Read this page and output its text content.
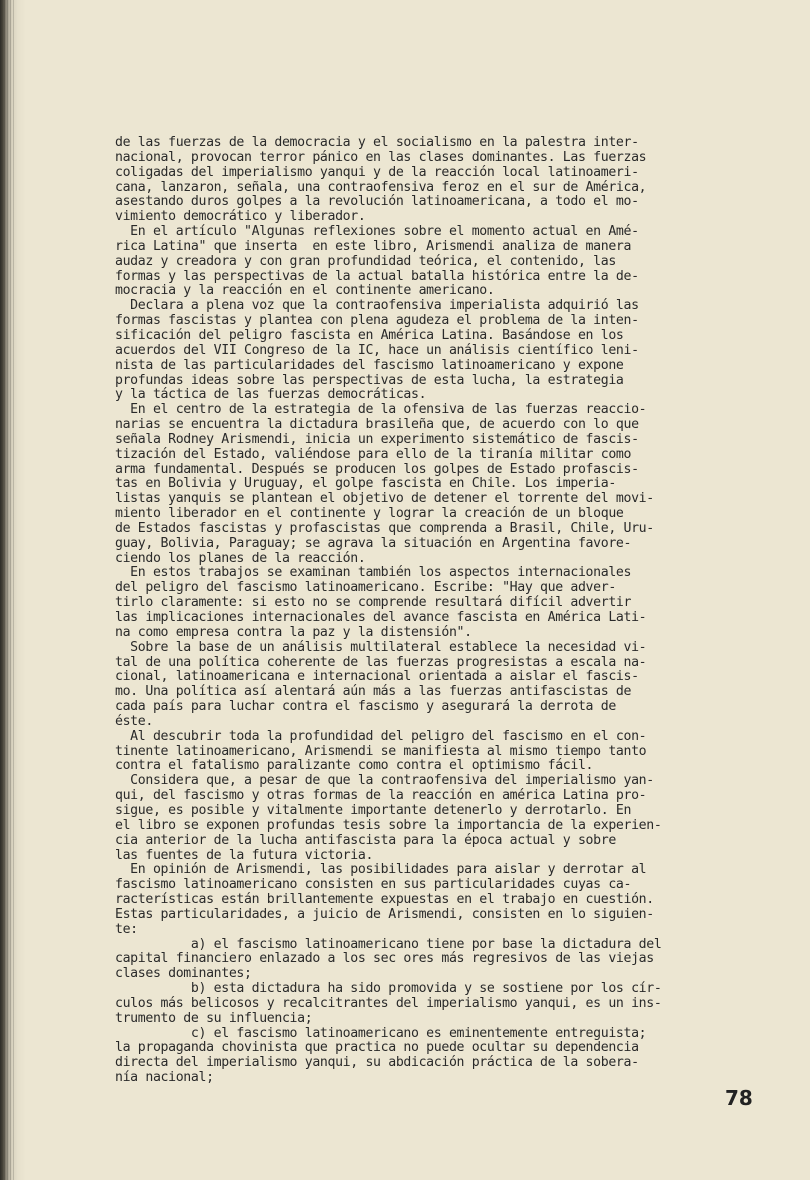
de las fuerzas de la democracia y el socialismo en la palestra inter-
nacional, provocan terror pánico en las clases dominantes. Las fuerzas
coligadas del imperialismo yanqui y de la reacción local latinoameri-
cana, lanzaron, señala, una contraofensiva feroz en el sur de América,
asestando duros golpes a la revolución latinoamericana, a todo el mo-
vimiento democrático y liberador.
En el artículo "Algunas reflexiones sobre el momento actual en Amé-
rica Latina" que inserta  en este libro, Arismendi analiza de manera
audaz y creadora y con gran profundidad teórica, el contenido, las
formas y las perspectivas de la actual batalla histórica entre la de-
mocracia y la reacción en el continente americano.
Declara a plena voz que la contraofensiva imperialista adquirió las
formas fascistas y plantea con plena agudeza el problema de la inten-
sificación del peligro fascista en América Latina. Basándose en los
acuerdos del VII Congreso de la IC, hace un análisis científico leni-
nista de las particularidades del fascismo latinoamericano y expone
profundas ideas sobre las perspectivas de esta lucha, la estrategia
y la táctica de las fuerzas democráticas.
En el centro de la estrategia de la ofensiva de las fuerzas reaccio-
narias se encuentra la dictadura brasileña que, de acuerdo con lo que
señala Rodney Arismendi, inicia un experimento sistemático de fascis-
tización del Estado, valiéndose para ello de la tiranía militar como
arma fundamental. Después se producen los golpes de Estado profascis-
tas en Bolivia y Uruguay, el golpe fascista en Chile. Los imperia-
listas yanquis se plantean el objetivo de detener el torrente del movi-
miento liberador en el continente y lograr la creación de un bloque
de Estados fascistas y profascistas que comprenda a Brasil, Chile, Uru-
guay, Bolivia, Paraguay; se agrava la situación en Argentina favore-
ciendo los planes de la reacción.
En estos trabajos se examinan también los aspectos internacionales
del peligro del fascismo latinoamericano. Escribe: "Hay que adver-
tirlo claramente: si esto no se comprende resultará difícil advertir
las implicaciones internacionales del avance fascista en América Lati-
na como empresa contra la paz y la distensión".
Sobre la base de un análisis multilateral establece la necesidad vi-
tal de una política coherente de las fuerzas progresistas a escala na-
cional, latinoamericana e internacional orientada a aislar el fascis-
mo. Una política así alentará aún más a las fuerzas antifascistas de
cada país para luchar contra el fascismo y asegurará la derrota de
éste.
Al descubrir toda la profundidad del peligro del fascismo en el con-
tinente latinoamericano, Arismendi se manifiesta al mismo tiempo tanto
contra el fatalismo paralizante como contra el optimismo fácil.
Considera que, a pesar de que la contraofensiva del imperialismo yan-
qui, del fascismo y otras formas de la reacción en américa Latina pro-
sigue, es posible y vitalmente importante detenerlo y derrotarlo. En
el libro se exponen profundas tesis sobre la importancia de la experien-
cia anterior de la lucha antifascista para la época actual y sobre
las fuentes de la futura victoria.
En opinión de Arismendi, las posibilidades para aislar y derrotar al
fascismo latinoamericano consisten en sus particularidades cuyas ca-
racterísticas están brillantemente expuestas en el trabajo en cuestión.
Estas particularidades, a juicio de Arismendi, consisten en lo siguien-
te:
a) el fascismo latinoamericano tiene por base la dictadura del
capital financiero enlazado a los sec ores más regresivos de las viejas
clases dominantes;
b) esta dictadura ha sido promovida y se sostiene por los cír-
culos más belicosos y recalcitrantes del imperialismo yanqui, es un ins-
trumento de su influencia;
c) el fascismo latinoamericano es eminentemente entreguista;
la propaganda chovinista que practica no puede ocultar su dependencia
directa del imperialismo yanqui, su abdicación práctica de la sobera-
nía nacional;
78
